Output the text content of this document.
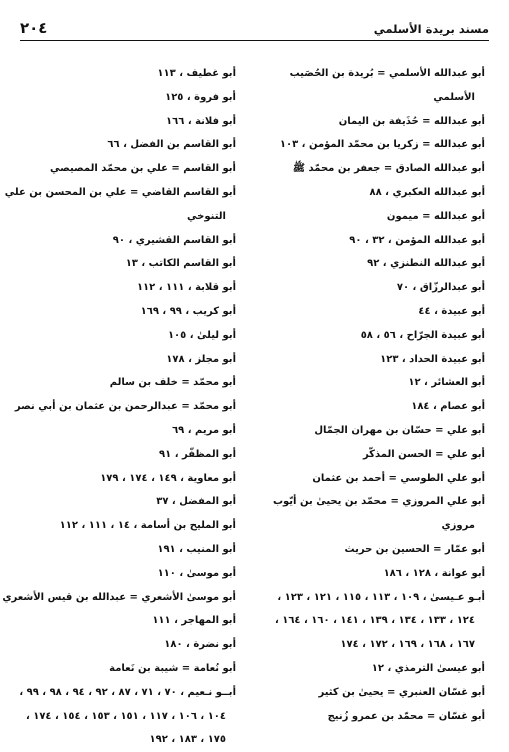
٢٠٤	مسند بريدة الأسلمي
أبو غطيف ، ١١٣
أبو فروة ، ١٢٥
أبو فلانة ، ١٦٦
أبو القاسم بن الفضل ، ٦٦
أبو القاسم = علي بن محمّد المصيصي
أبو القاسم القاضي = علي بن المحسن بن علي
التنوخي
أبو القاسم القشيري ، ٩٠
أبو القاسم الكاتب ، ١٣
أبو قلابة ، ١١١ ، ١١٢
أبو كريب ، ٩٩ ، ١٦٩
أبو ليلىٰ ، ١٠٥
أبو مجلز ، ١٧٨
أبو محمّد = خلف بن سالم
أبو محمّد = عبدالرحمن بن عثمان بن أبي نصر
أبو مريم ، ٦٩
أبو المظفّر ، ٩١
أبو معاوية ، ١٤٩ ، ١٧٤ ، ١٧٩
أبو المفضل ، ٣٧
أبو المليح بن أسامة ، ١٤ ، ١١١ ، ١١٢
أبو المنيب ، ١٩١
أبو موسىٰ ، ١١٠
أبو موسىٰ الأشعري = عبدالله بن قيس الأشعري
أبو المهاجر ، ١١١
أبو نضرة ، ١٨٠
أبو نُعامة = شيبة بن نَعامة
أبــو نـعيم ، ٧٠ ، ٧١ ، ٨٧ ، ٩٢ ، ٩٤ ، ٩٨ ، ٩٩ ،
١٠٤ ، ١٠٦ ، ١١٧ ، ١٥١ ، ١٥٣ ، ١٥٤ ، ١٧٤ ،
١٧٥ ، ١٨٣ ، ١٩٢
أبو عبدالله الأسلمي = بُريدة بن الحُصَيب
الأسلمي
أبو عبدالله = حُذَيفة بن اليمان
أبو عبدالله = زكريا بن محمّد المؤمن ، ١٠٣
أبو عبدالله الصادق = جعفر بن محمّد ﷺ
أبو عبدالله العكبري ، ٨٨
أبو عبدالله = ميمون
أبو عبدالله المؤمن ، ٣٢ ، ٩٠
أبو عبدالله النطنزي ، ٩٢
أبو عبدالرزّاق ، ٧٠
أبو عبيدة ، ٤٤
أبو عبيدة الجرّاح ، ٥٦ ، ٥٨
أبو عبيدة الحداد ، ١٢٣
أبو العشائر ، ١٢
أبو عصام ، ١٨٤
أبو علي = حسّان بن مهران الجمّال
أبو علي = الحسن المذكّر
أبو علي الطوسي = أحمد بن عثمان
أبو علي المروزي = محمّد بن يحيىٰ بن أيّوب
مروزي
أبو عمّار = الحسين بن حريث
أبو عوانة ، ١٢٨ ، ١٨٦
أبـو عـيسىٰ ، ١٠٩ ، ١١٣ ، ١١٥ ، ١٢١ ، ١٢٣ ،
١٢٤ ، ١٣٣ ، ١٣٤ ، ١٣٩ ، ١٤١ ، ١٦٠ ، ١٦٤ ،
١٦٧ ، ١٦٨ ، ١٦٩ ، ١٧٢ ، ١٧٤
أبو عيسىٰ الترمذي ، ١٢
أبو غسّان العنبري = يحيىٰ بن كثير
أبو غسّان = محمّد بن عمرو زُنيج
